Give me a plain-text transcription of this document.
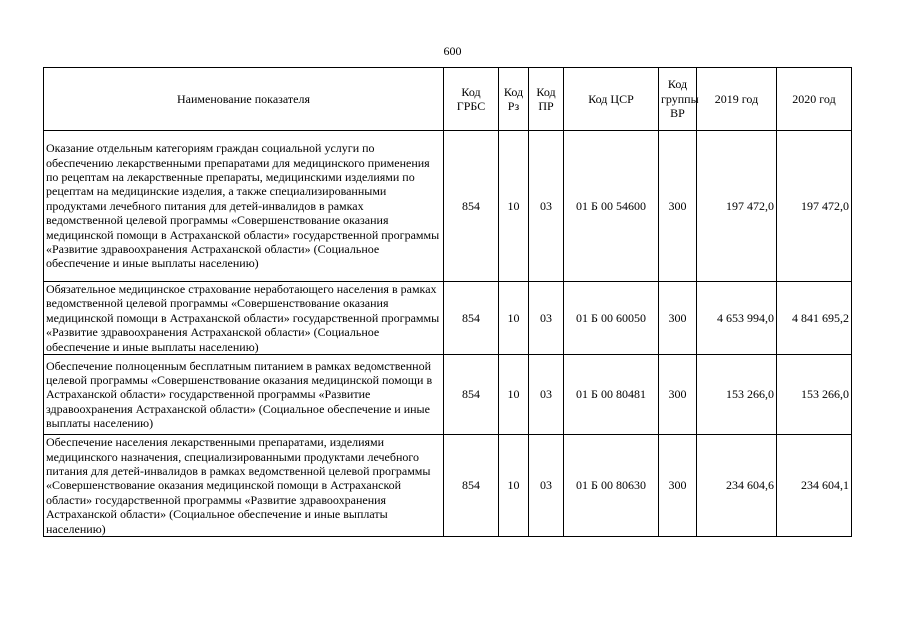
600
Наименование показателя	Код ГРБС	Код Рз	Код ПР	Код ЦСР	Код группы ВР	2019 год	2020 год
Оказание отдельным категориям граждан социальной услуги по обеспечению лекарственными препаратами для медицинского применения по рецептам на лекарственные препараты, медицинскими изделиями по рецептам на медицинские изделия, а также специализированными продуктами лечебного питания для детей-инвалидов в рамках ведомственной целевой программы «Совершенствование оказания медицинской помощи в Астраханской области» государственной программы «Развитие здравоохранения Астраханской области» (Социальное обеспечение и иные выплаты населению)	854	10	03	01 Б 00 54600	300	197 472,0	197 472,0
Обязательное медицинское страхование неработающего населения в рамках ведомственной целевой программы «Совершенствование оказания медицинской помощи в Астраханской области» государственной программы «Развитие здравоохранения Астраханской области» (Социальное обеспечение и иные выплаты населению)	854	10	03	01 Б 00 60050	300	4 653 994,0	4 841 695,2
Обеспечение полноценным бесплатным питанием в рамках ведомственной целевой программы «Совершенствование оказания медицинской помощи в Астраханской области» государственной программы «Развитие здравоохранения Астраханской области» (Социальное обеспечение и иные выплаты населению)	854	10	03	01 Б 00 80481	300	153 266,0	153 266,0
Обеспечение населения лекарственными препаратами, изделиями медицинского назначения, специализированными продуктами лечебного питания для детей-инвалидов в рамках ведомственной целевой программы «Совершенствование оказания медицинской помощи в Астраханской области» государственной программы «Развитие здравоохранения Астраханской области» (Социальное обеспечение и иные выплаты населению)	854	10	03	01 Б 00 80630	300	234 604,6	234 604,1
